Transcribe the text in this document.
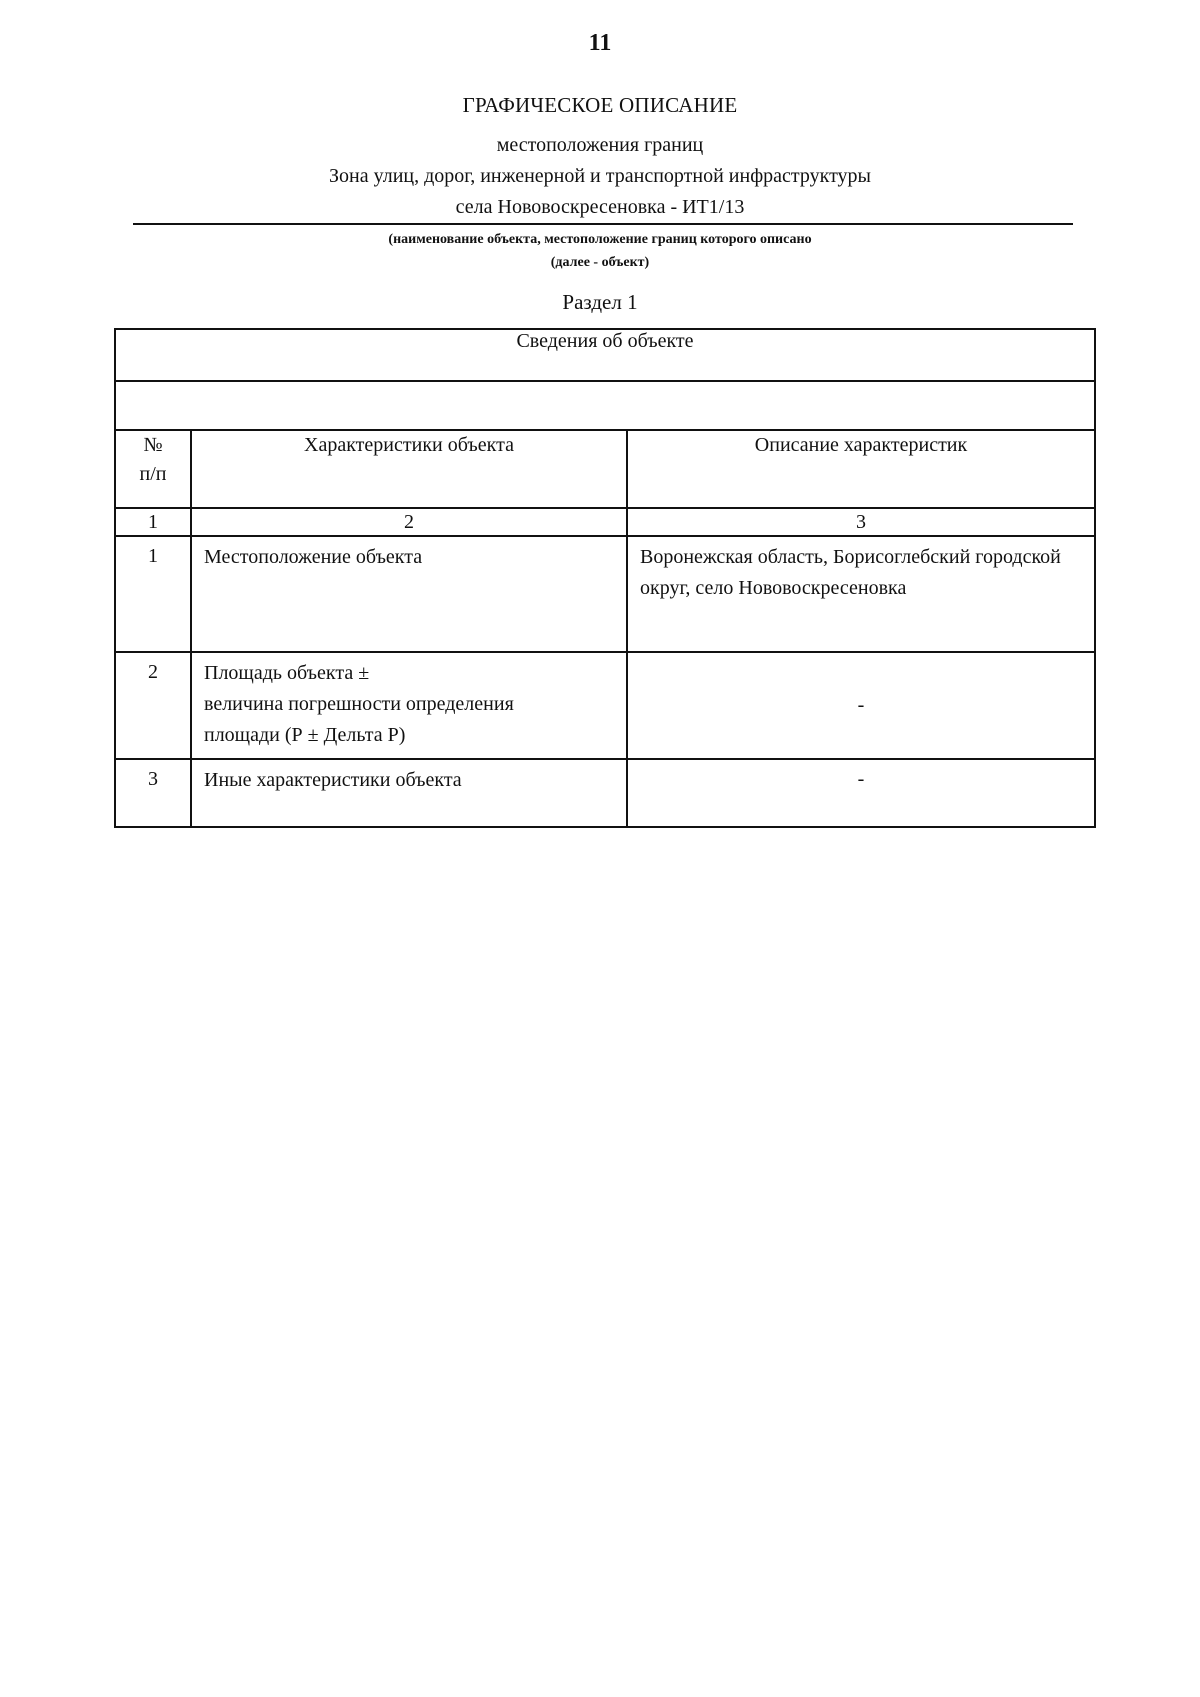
11
ГРАФИЧЕСКОЕ ОПИСАНИЕ
местоположения границ
Зона улиц, дорог, инженерной и транспортной инфраструктуры
села Нововоскресеновка - ИТ1/13
(наименование объекта, местоположение границ которого описано
(далее - объект)
Раздел 1
Сведения об объекте		

№
п/п	Характеристики объекта	Описание характеристик
1	2	3
1	Местоположение объекта	Воронежская область, Борисоглебский городской округ, село Нововоскресеновка
2	Площадь объекта ±
величина погрешности определения
площади (Р ± Дельта Р)	-
3	Иные характеристики объекта	-
